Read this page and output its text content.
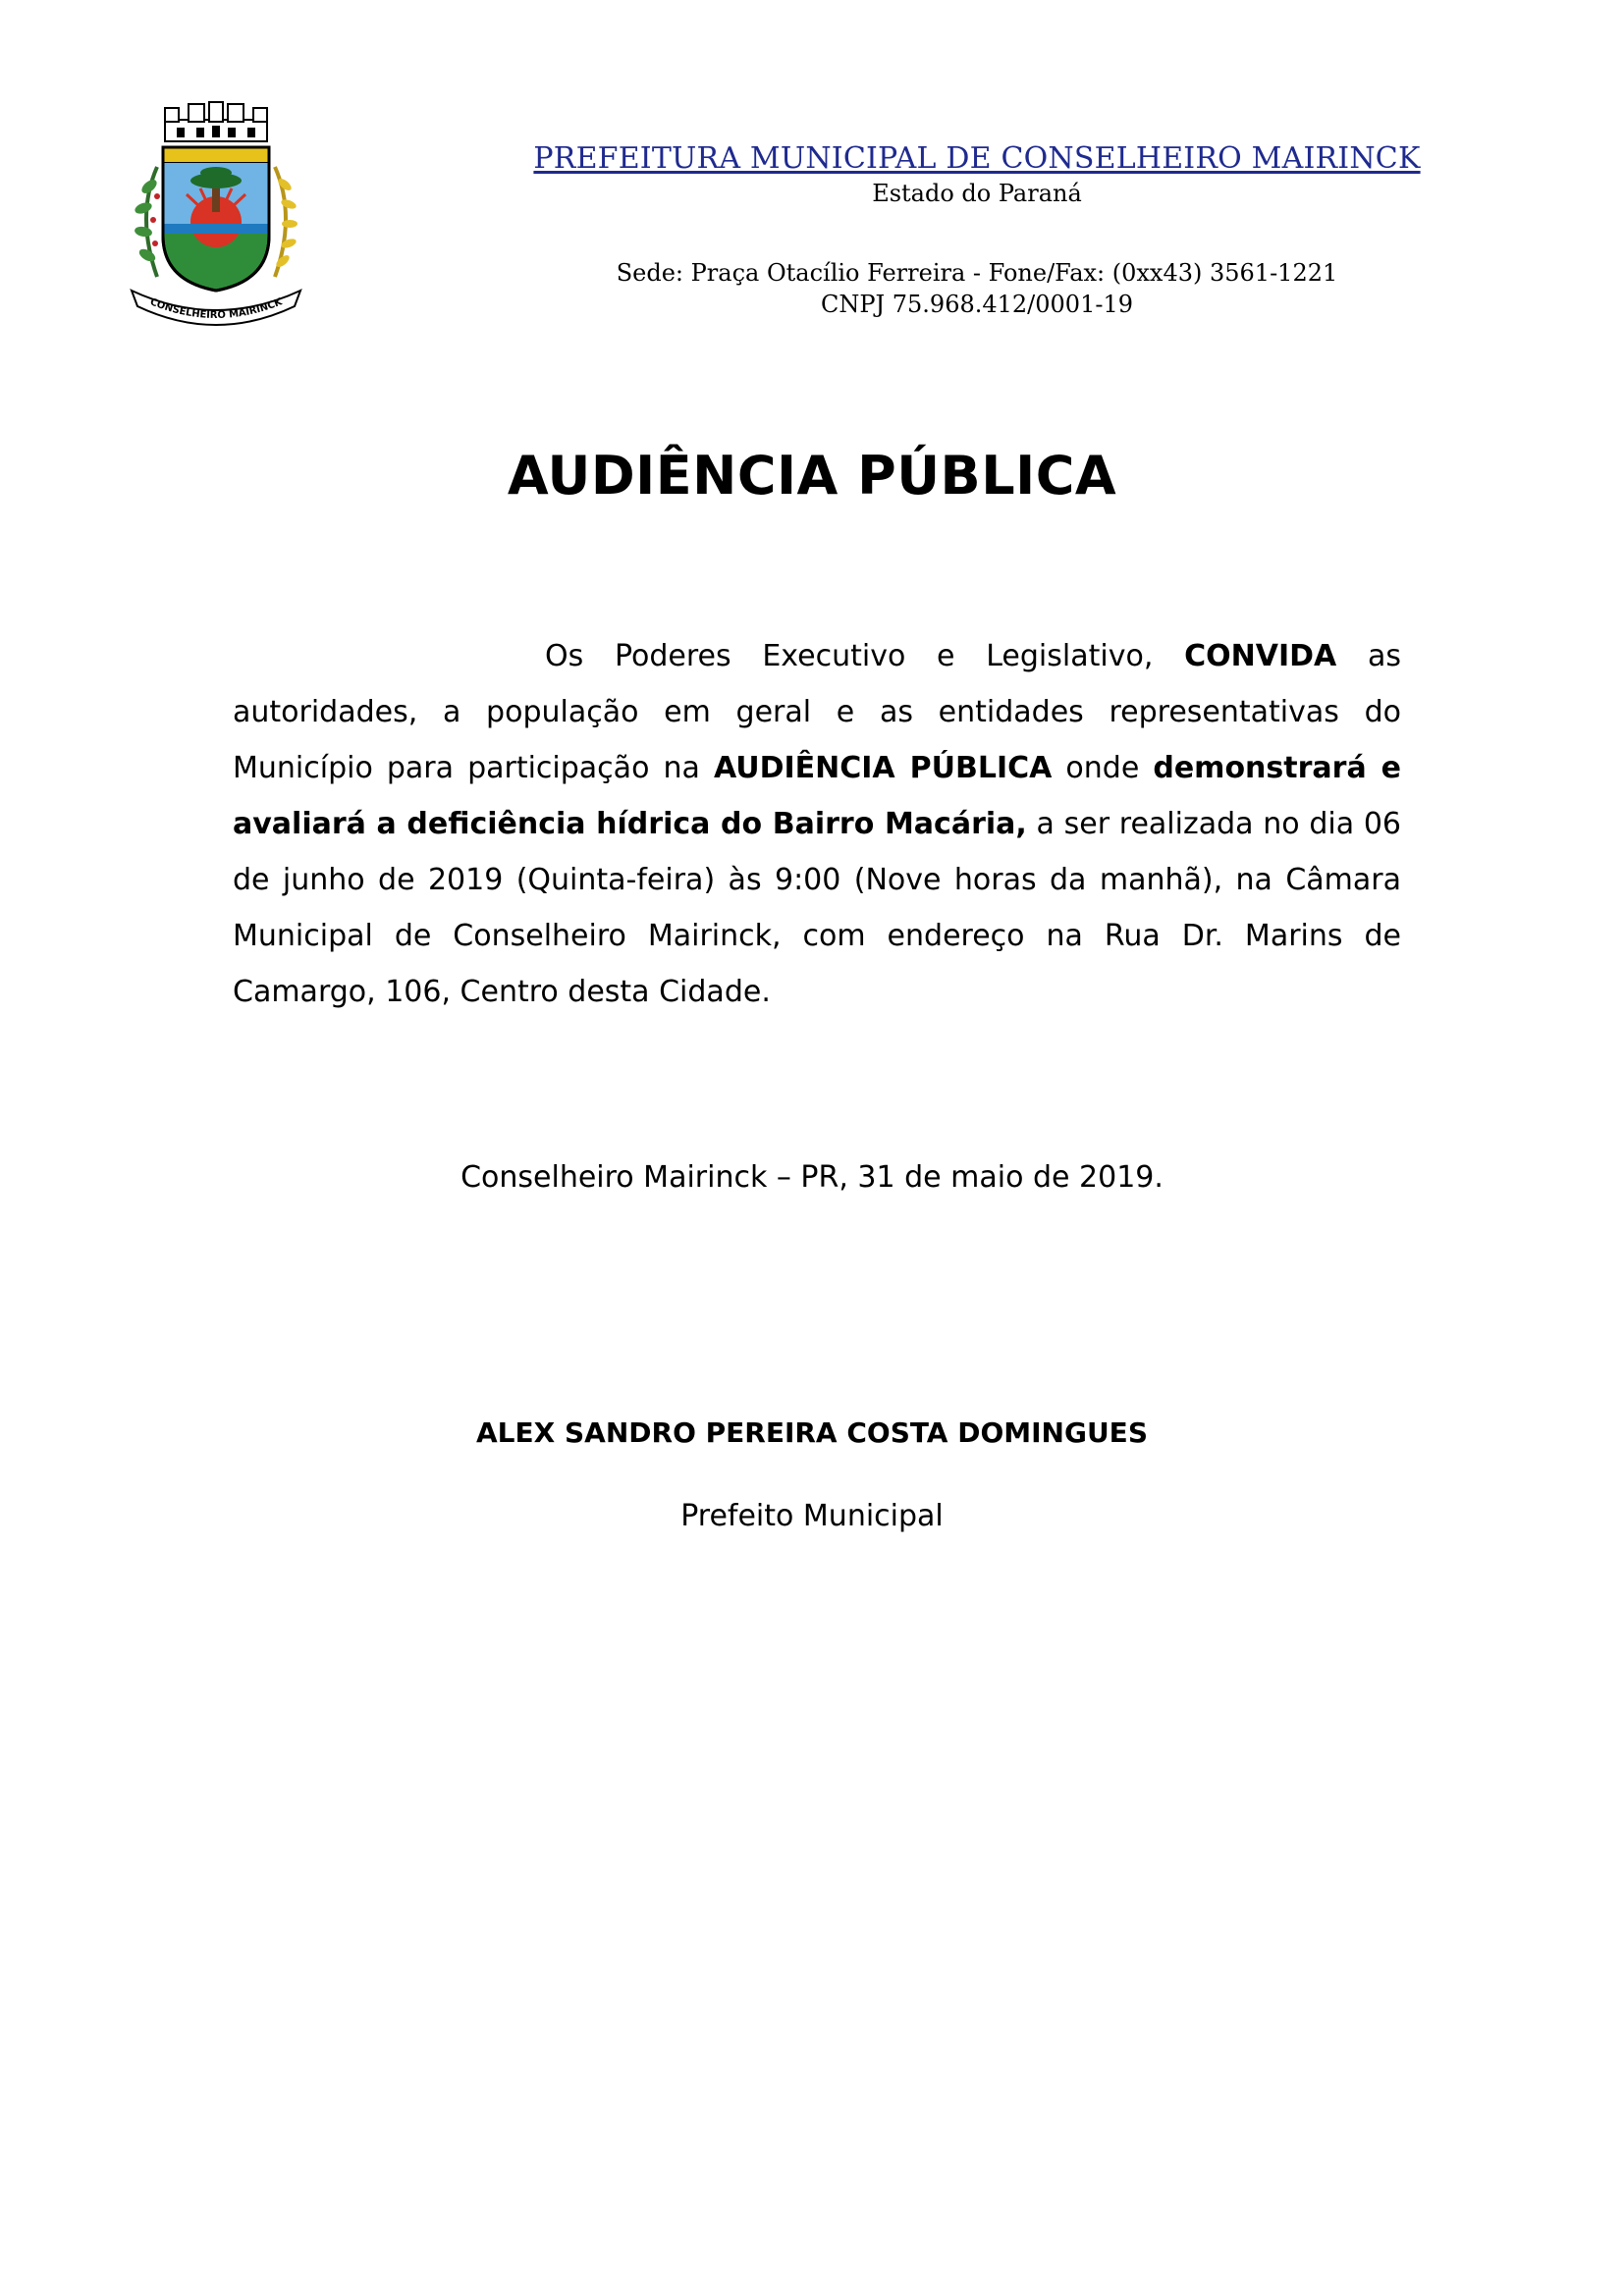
CONSELHEIRO MAIRINCK
PREFEITURA MUNICIPAL DE CONSELHEIRO MAIRINCK
Estado do Paraná
Sede: Praça Otacílio Ferreira - Fone/Fax: (0xx43) 3561-1221
CNPJ 75.968.412/0001-19
AUDIÊNCIA PÚBLICA

Os Poderes Executivo e Legislativo, CONVIDA as autoridades, a população em geral e as entidades representativas do Município para participação na AUDIÊNCIA PÚBLICA onde demonstrará e avaliará a deficiência hídrica do Bairro Macária, a ser realizada no dia 06 de junho de 2019 (Quinta-feira) às 9:00 (Nove horas da manhã), na Câmara Municipal de Conselheiro Mairinck, com endereço na Rua Dr. Marins de Camargo, 106, Centro desta Cidade.

Conselheiro Mairinck – PR, 31 de maio de 2019.
ALEX SANDRO PEREIRA COSTA DOMINGUES
Prefeito Municipal
